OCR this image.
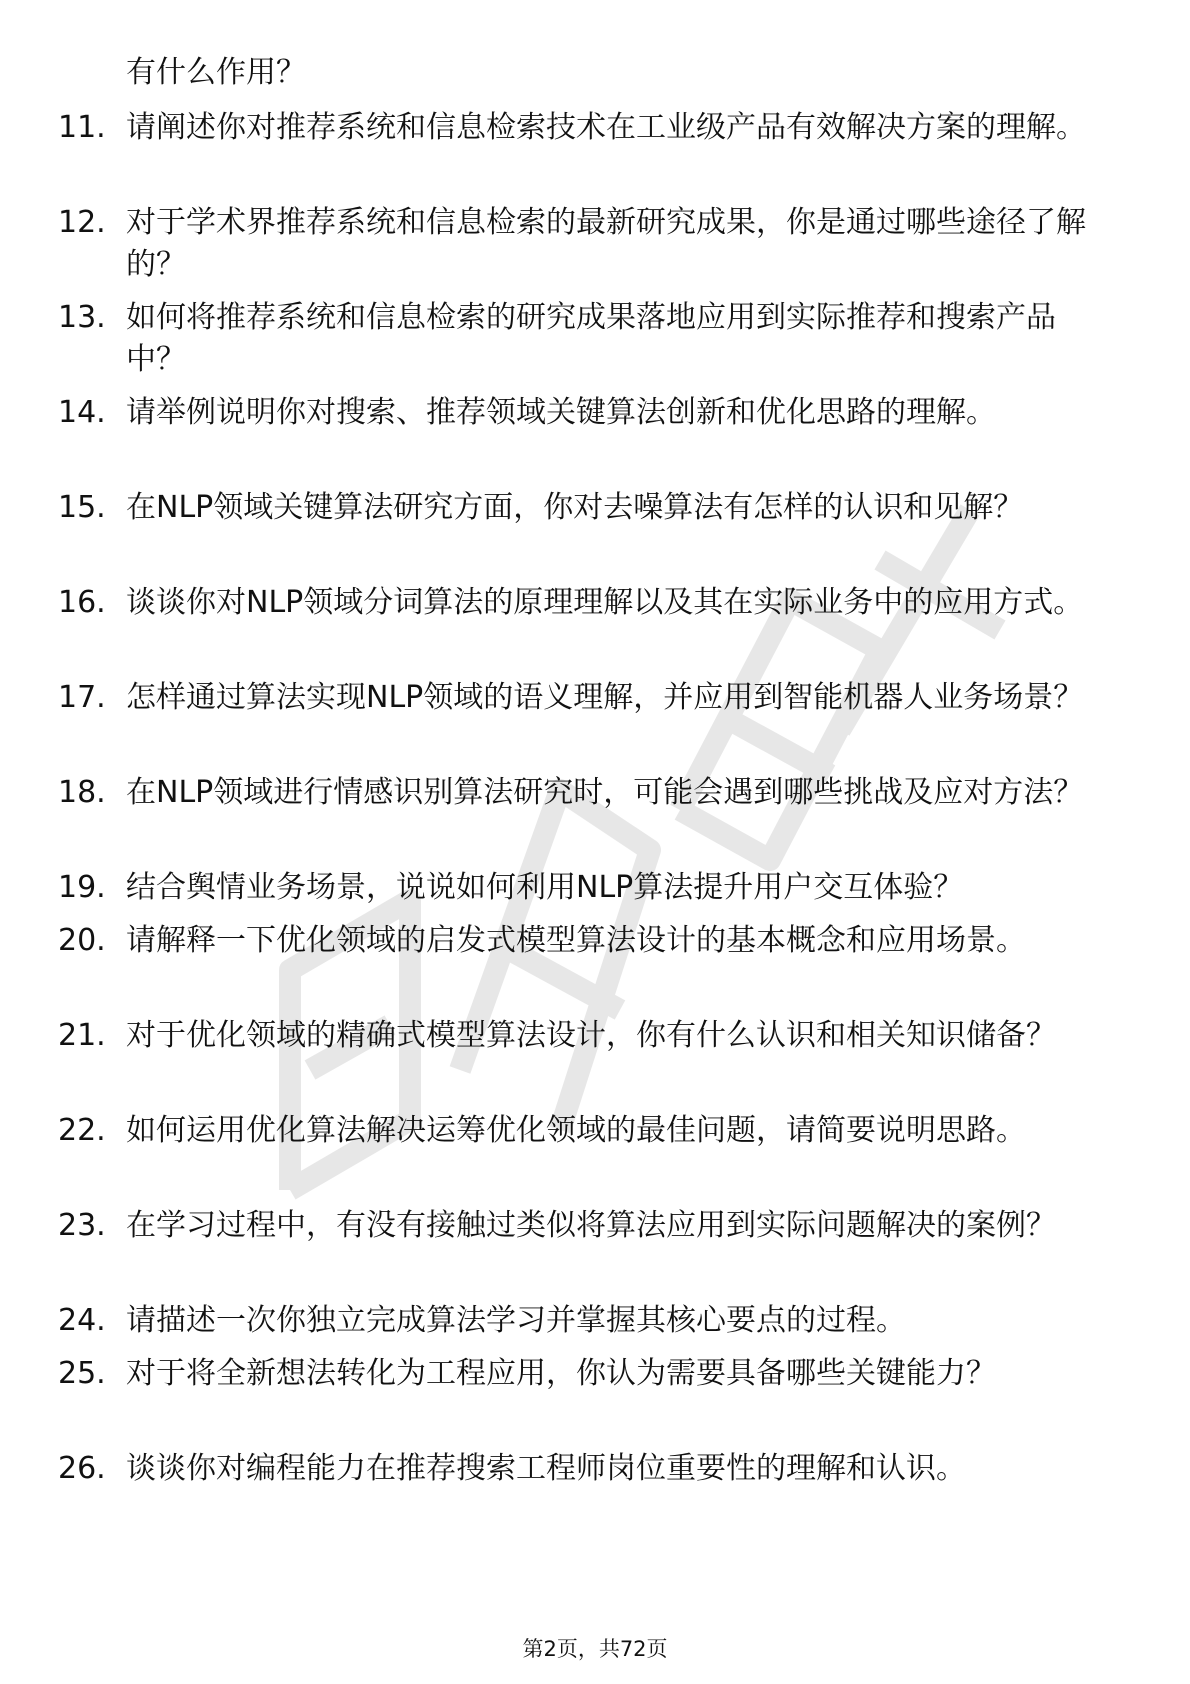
有什么作用？

11. 请阐述你对推荐系统和信息检索技术在工业级产品有效解决方案的理解。

12. 对于学术界推荐系统和信息检索的最新研究成果，你是通过哪些途径了解的？

13. 如何将推荐系统和信息检索的研究成果落地应用到实际推荐和搜索产品中？

14. 请举例说明你对搜索、推荐领域关键算法创新和优化思路的理解。

15. 在NLP领域关键算法研究方面，你对去噪算法有怎样的认识和见解？

16. 谈谈你对NLP领域分词算法的原理理解以及其在实际业务中的应用方式。

17. 怎样通过算法实现NLP领域的语义理解，并应用到智能机器人业务场景？

18. 在NLP领域进行情感识别算法研究时，可能会遇到哪些挑战及应对方法？

19. 结合舆情业务场景，说说如何利用NLP算法提升用户交互体验？

20. 请解释一下优化领域的启发式模型算法设计的基本概念和应用场景。

21. 对于优化领域的精确式模型算法设计，你有什么认识和相关知识储备？

22. 如何运用优化算法解决运筹优化领域的最佳问题，请简要说明思路。

23. 在学习过程中，有没有接触过类似将算法应用到实际问题解决的案例？

24. 请描述一次你独立完成算法学习并掌握其核心要点的过程。

25. 对于将全新想法转化为工程应用，你认为需要具备哪些关键能力？

26. 谈谈你对编程能力在推荐搜索工程师岗位重要性的理解和认识。

第2页，共72页
